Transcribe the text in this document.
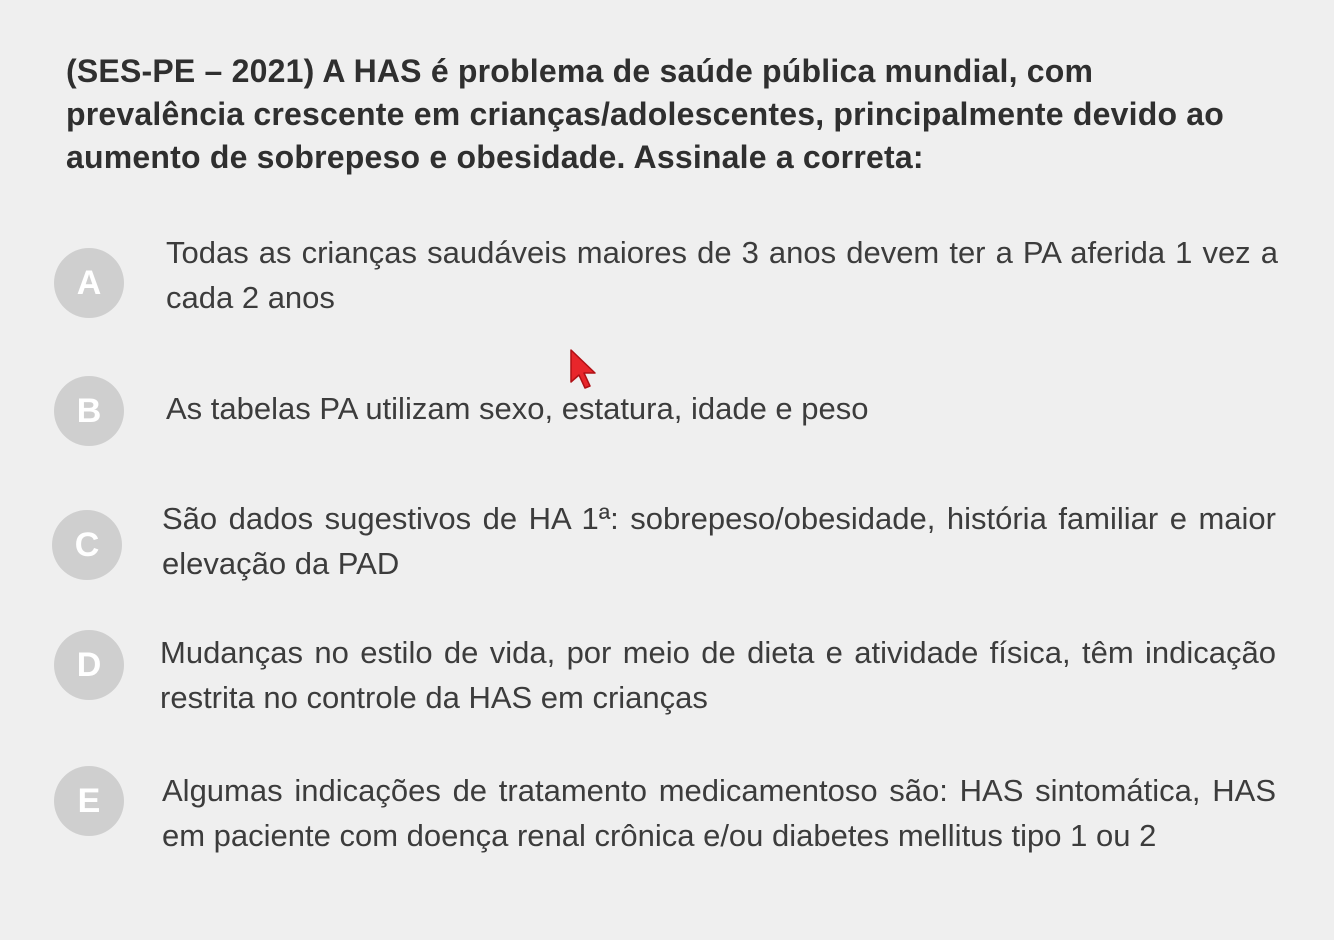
(SES-PE – 2021) A HAS é problema de saúde pública mundial, com prevalência crescente em crianças/adolescentes, principalmente devido ao aumento de sobrepeso e obesidade. Assinale a correta:
A
Todas as crianças saudáveis maiores de 3 anos devem ter a PA aferida 1 vez a cada 2 anos
B	As tabelas PA utilizam sexo, estatura, idade e peso
C
São dados sugestivos de HA 1ª: sobrepeso/obesidade, história familiar e maior elevação da PAD
D	Mudanças no estilo de vida, por meio de dieta e atividade física, têm indicação restrita no controle da HAS em crianças
E	Algumas indicações de tratamento medicamentoso são: HAS sintomática, HAS em paciente com doença renal crônica e/ou diabetes mellitus tipo 1 ou 2
